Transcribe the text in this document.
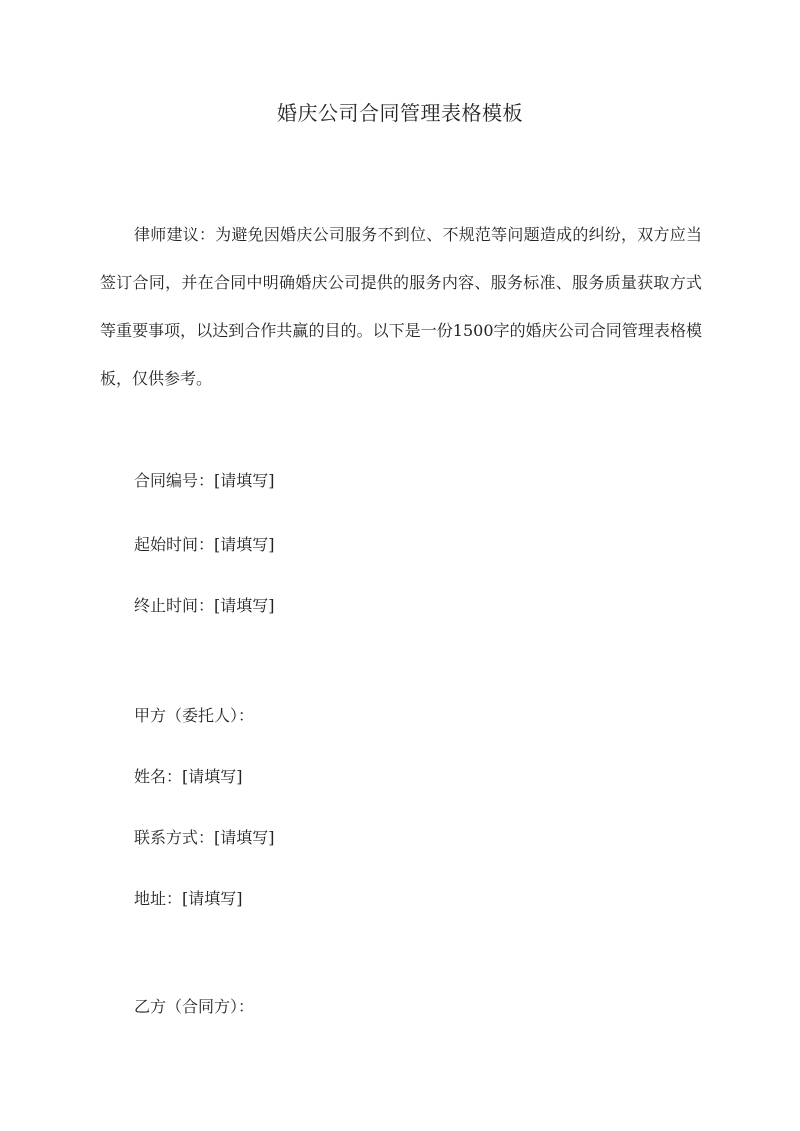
婚庆公司合同管理表格模板

律师建议：为避免因婚庆公司服务不到位、不规范等问题造成的纠纷，双方应当签订合同，并在合同中明确婚庆公司提供的服务内容、服务标准、服务质量获取方式等重要事项，以达到合作共赢的目的。以下是一份1500字的婚庆公司合同管理表格模板，仅供参考。

合同编号：[请填写]
起始时间：[请填写]
终止时间：[请填写]
甲方（委托人）：
姓名：[请填写]
联系方式：[请填写]
地址：[请填写]
乙方（合同方）：
